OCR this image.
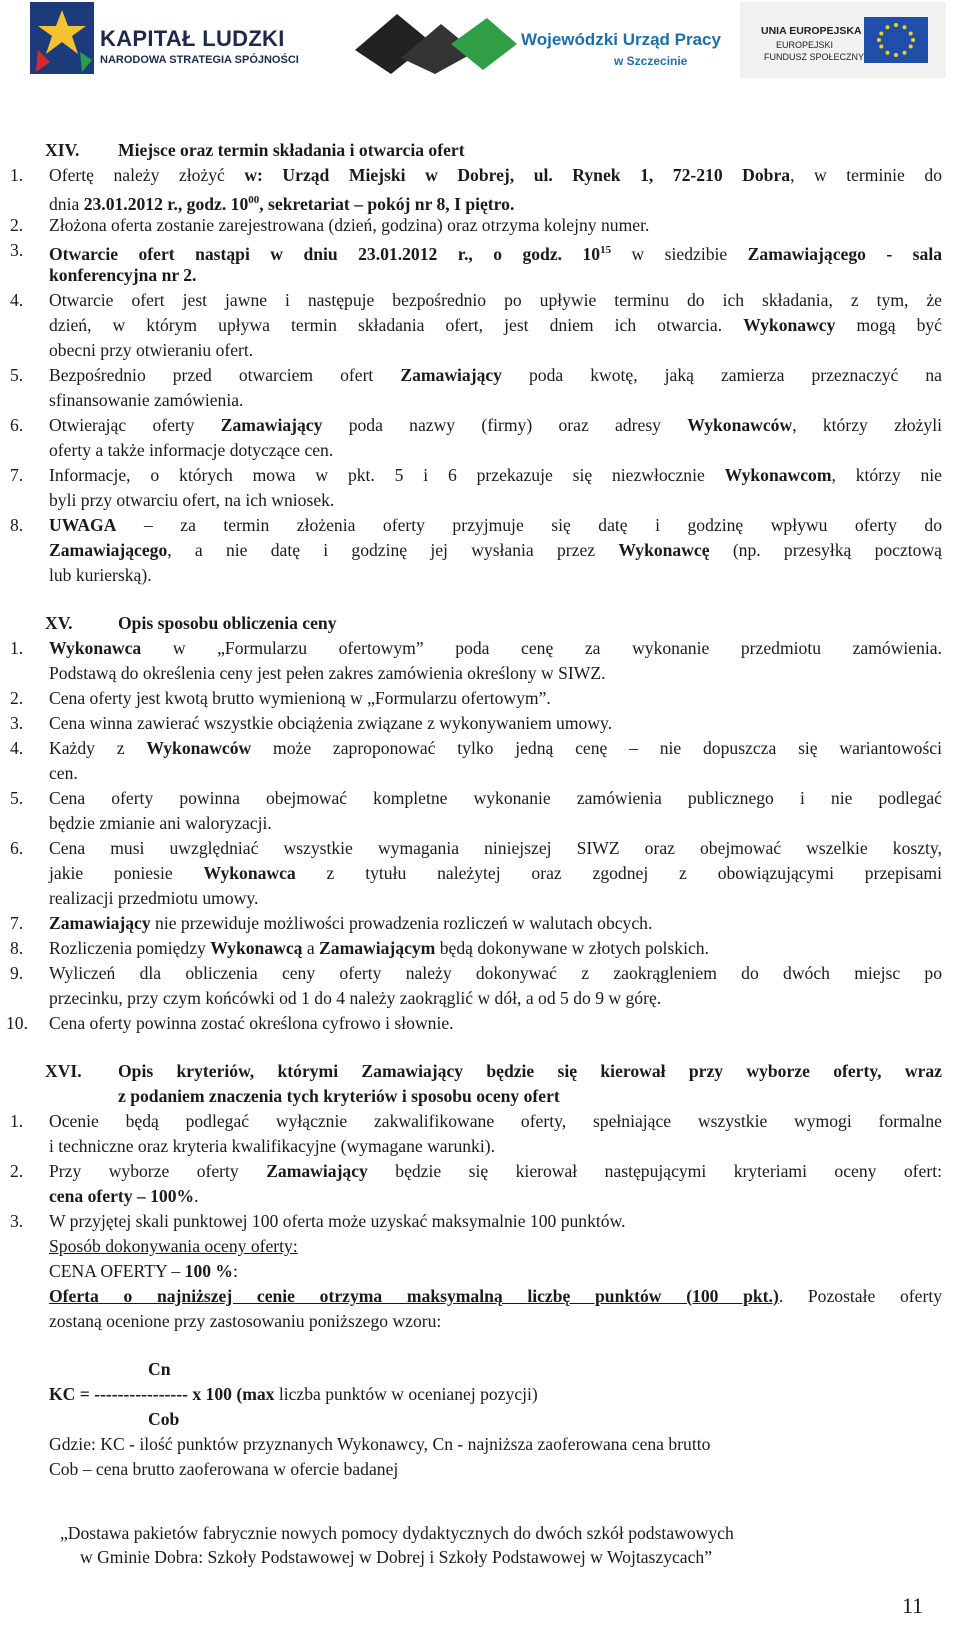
KAPITAŁ LUDZKI
NARODOWA STRATEGIA SPÓJNOŚCI
Wojewódzki Urząd Pracy
w Szczecinie
UNIA EUROPEJSKA
EUROPEJSKI
FUNDUSZ SPOŁECZNY
XIV. Miejsce oraz termin składania i otwarcia ofert
1. Ofertę należy złożyć w: Urząd Miejski w Dobrej, ul. Rynek 1, 72-210 Dobra, w terminie do
dnia 23.01.2012 r., godz. $10^{00}$, sekretariat – pokój nr 8, I piętro.
2. Złożona oferta zostanie zarejestrowana (dzień, godzina) oraz otrzyma kolejny numer.
3. Otwarcie ofert nastąpi w dniu 23.01.2012 r., o godz. $10^{15}$ w siedzibie Zamawiającego - sala
konferencyjna nr 2.
4. Otwarcie ofert jest jawne i następuje bezpośrednio po upływie terminu do ich składania, z tym, że
dzień, w którym upływa termin składania ofert, jest dniem ich otwarcia. Wykonawcy mogą być
obecni przy otwieraniu ofert.
5. Bezpośrednio przed otwarciem ofert Zamawiający poda kwotę, jaką zamierza przeznaczyć na
sfinansowanie zamówienia.
6. Otwierając oferty Zamawiający poda nazwy (firmy) oraz adresy Wykonawców, którzy złożyli
oferty a także informacje dotyczące cen.
7. Informacje, o których mowa w pkt. 5 i 6 przekazuje się niezwłocznie Wykonawcom, którzy nie
byli przy otwarciu ofert, na ich wniosek.
8. UWAGA – za termin złożenia oferty przyjmuje się datę i godzinę wpływu oferty do
Zamawiającego, a nie datę i godzinę jej wysłania przez Wykonawcę (np. przesyłką pocztową
lub kurierską).
XV.	Opis sposobu obliczenia ceny
1. Wykonawca w „Formularzu ofertowym” poda cenę za wykonanie przedmiotu zamówienia.
Podstawą do określenia ceny jest pełen zakres zamówienia określony w SIWZ.
2. Cena oferty jest kwotą brutto wymienioną w „Formularzu ofertowym”.
3. Cena winna zawierać wszystkie obciążenia związane z wykonywaniem umowy.
4. Każdy z Wykonawców może zaproponować tylko jedną cenę – nie dopuszcza się wariantowości
cen.
5. Cena oferty powinna obejmować kompletne wykonanie zamówienia publicznego i nie podlegać
będzie zmianie ani waloryzacji.
6. Cena musi uwzględniać wszystkie wymagania niniejszej SIWZ oraz obejmować wszelkie koszty,
jakie poniesie Wykonawca z tytułu należytej oraz zgodnej z obowiązującymi przepisami
realizacji przedmiotu umowy.
7. Zamawiający nie przewiduje możliwości prowadzenia rozliczeń w walutach obcych.
8. Rozliczenia pomiędzy Wykonawcą a Zamawiającym będą dokonywane w złotych polskich.
9. Wyliczeń dla obliczenia ceny oferty należy dokonywać z zaokrągleniem do dwóch miejsc po
przecinku, przy czym końcówki od 1 do 4 należy zaokrąglić w dół, a od 5 do 9 w górę.
10. Cena oferty powinna zostać określona cyfrowo i słownie.
XVI. Opis kryteriów, którymi Zamawiający będzie się kierował przy wyborze oferty, wraz
z podaniem znaczenia tych kryteriów i sposobu oceny ofert
1. Ocenie będą podlegać wyłącznie zakwalifikowane oferty, spełniające wszystkie wymogi formalne
i techniczne oraz kryteria kwalifikacyjne (wymagane warunki).
2. Przy wyborze oferty Zamawiający będzie się kierował następującymi kryteriami oceny ofert:
cena oferty – 100%.
3. W przyjętej skali punktowej 100 oferta może uzyskać maksymalnie 100 punktów.
Sposób dokonywania oceny oferty:
CENA OFERTY – 100 %:
Oferta o najniższej cenie otrzyma maksymalną liczbę punktów (100 pkt.). Pozostałe oferty
zostaną ocenione przy zastosowaniu poniższego wzoru:
Cn
KC = ---------------- x 100 (max liczba punktów w ocenianej pozycji)
Cob
Gdzie: KC - ilość punktów przyznanych Wykonawcy, Cn - najniższa zaoferowana cena brutto
Cob – cena brutto zaoferowana w ofercie badanej
„Dostawa pakietów fabrycznie nowych pomocy dydaktycznych do dwóch szkół podstawowych
w Gminie Dobra: Szkoły Podstawowej w Dobrej i Szkoły Podstawowej w Wojtaszycach”
11
